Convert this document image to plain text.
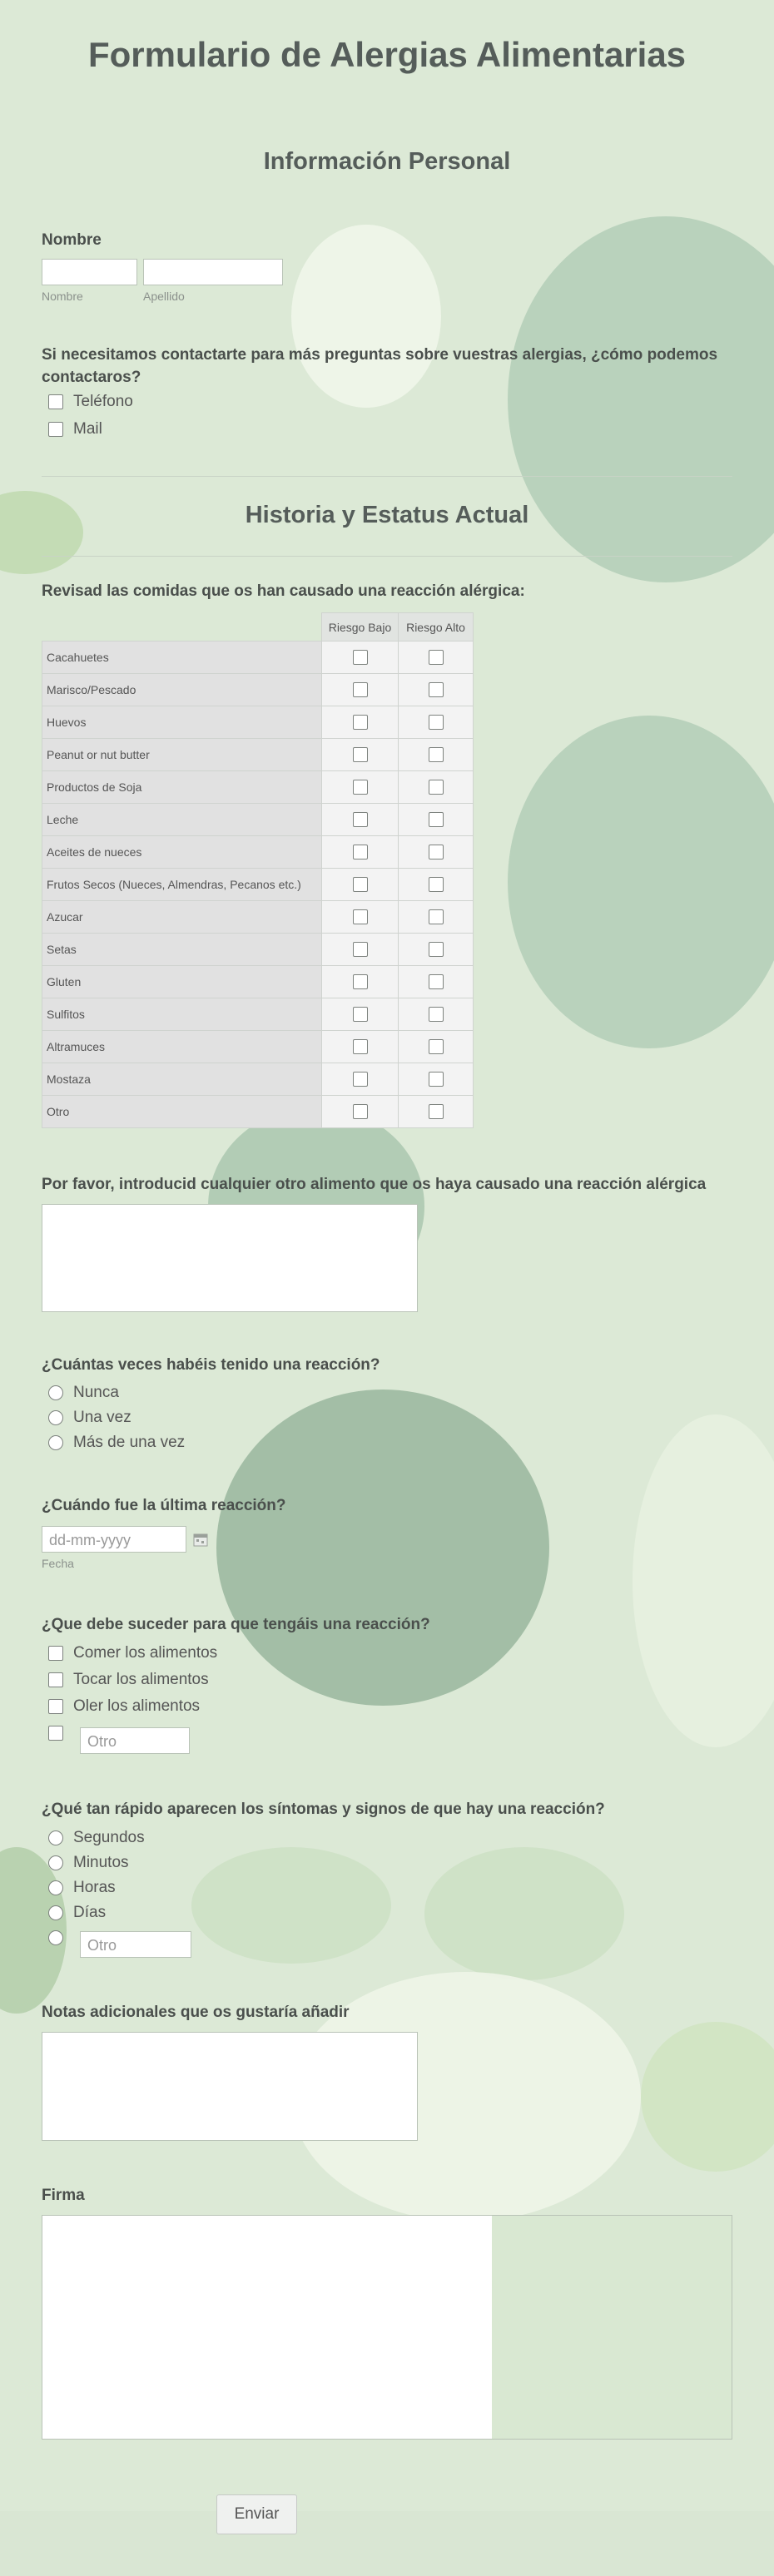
Formulario de Alergias Alimentarias
Información Personal
Nombre
Nombre	Apellido
Si necesitamos contactarte para más preguntas sobre vuestras alergias, ¿cómo podemos contactaros?
Teléfono
Mail
Historia y Estatus Actual
Revisad las comidas que os han causado una reacción alérgica:
	Riesgo Bajo	Riesgo Alto
Cacahuetes		
Marisco/Pescado		
Huevos		
Peanut or nut butter		
Productos de Soja		
Leche		
Aceites de nueces		
Frutos Secos (Nueces, Almendras, Pecanos etc.)		
Azucar		
Setas		
Gluten		
Sulfitos		
Altramuces		
Mostaza		
Otro		
Por favor, introducid cualquier otro alimento que os haya causado una reacción alérgica
¿Cuántas veces habéis tenido una reacción?
Nunca
Una vez
Más de una vez
¿Cuándo fue la última reacción?
dd-mm-yyyy
Fecha
¿Que debe suceder para que tengáis una reacción?
Comer los alimentos
Tocar los alimentos
Oler los alimentos
Otro
¿Qué tan rápido aparecen los síntomas y signos de que hay una reacción?
Segundos
Minutos
Horas
Días
Otro
Notas adicionales que os gustaría añadir
Firma
Enviar
